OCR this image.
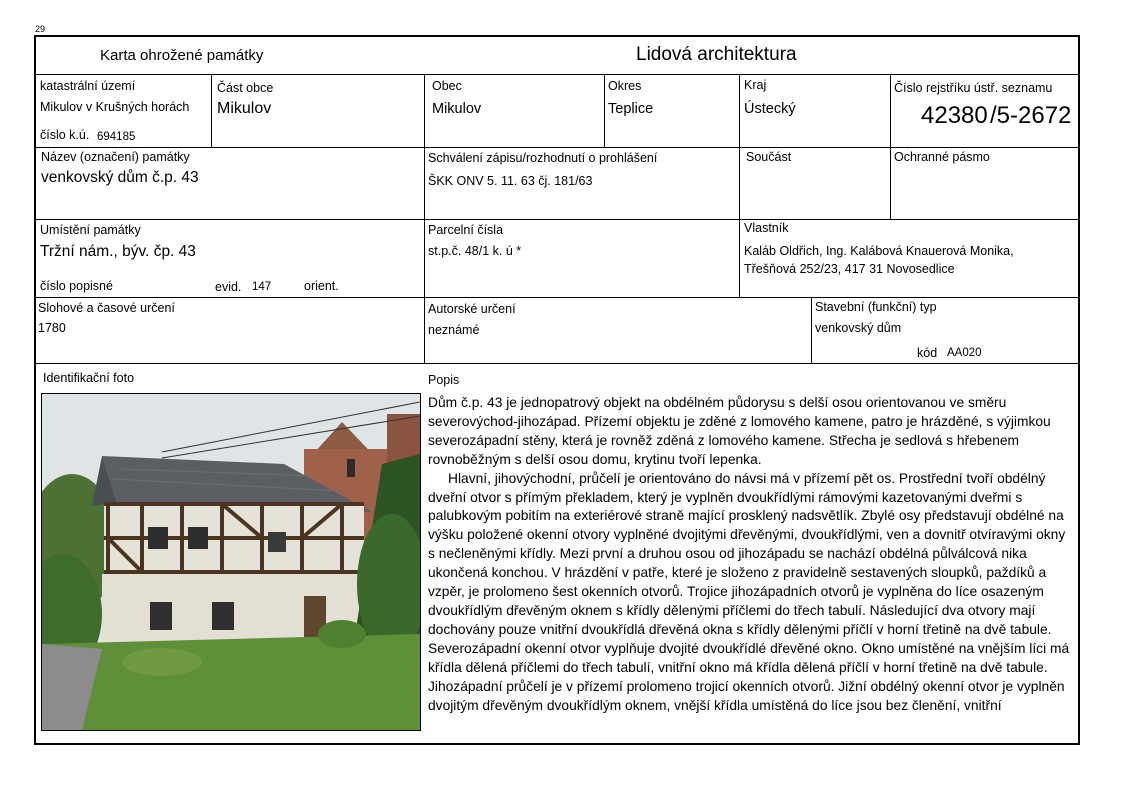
29
Karta ohrožené památky	Lidová architektura
katastrální území
Mikulov v Krušných horách
číslo k.ú. 694185
Část obce
Mikulov
Obec
Mikulov
Okres
Teplice
Kraj
Ústecký
Číslo rejstříku ústř. seznamu
42380 /5-2672
Název (označení) památky
venkovský dům č.p. 43
Schválení zápisu/rozhodnutí o prohlášení
ŠKK ONV 5. 11. 63 čj. 181/63
Součást	Ochranné pásmo
Umístění památky
Tržní nám., býv. čp. 43
číslo popisné	evid. 147	orient.
Parcelní čísla
st.p.č. 48/1 k. ú *
Vlastník
Kaláb Oldřich, Ing. Kalábová Knauerová Monika,
Třešňová 252/23, 417 31 Novosedlice
Slohové a časové určení
1780
Autorské určení
neznámé
Stavební (funkční) typ
venkovský dům
kód AA020
Identifikační foto	Popis

Dům č.p. 43 je jednopatrový objekt na obdélném půdorysu s delší osou orientovanou ve směru severovýchod-jihozápad. Přízemí objektu je zděné z lomového kamene, patro je hrázděné, s výjimkou severozápadní stěny, která je rovněž zděná z lomového kamene. Střecha je sedlová s hřebenem rovnoběžným s delší osou domu, krytinu tvoří lepenka.

Hlavní, jihovýchodní, průčelí je orientováno do návsi má v přízemí pět os. Prostřední tvoří obdélný dveřní otvor s přímým překladem, který je vyplněn dvoukřídlými rámovými kazetovanými dveřmi s palubkovým pobitím na exteriérové straně mající prosklený nadsvětlík. Zbylé osy představují obdélné na výšku položené okenní otvory vyplněné dvojitými dřevěnými, dvoukřídlými, ven a dovnitř otvíravými okny s nečleněnými křídly. Mezi první a druhou osou od jihozápadu se nachází obdélná půlválcová nika ukončená konchou. V hrázdění v patře, které je složeno z pravidelně sestavených sloupků, paždíků a vzpěr, je prolomeno šest okenních otvorů. Trojice jihozápadních otvorů je vyplněna do líce osazeným dvoukřídlým dřevěným oknem s křídly dělenými příčlemi do třech tabulí. Následující dva otvory mají dochovány pouze vnitřní dvoukřídlá dřevěná okna s křídly dělenými příčlí v horní třetině na dvě tabule. Severozápadní okenní otvor vyplňuje dvojité dvoukřídlé dřevěné okno. Okno umístěné na vnějším líci má křídla dělená příčlemi do třech tabulí, vnitřní okno má křídla dělená příčlí v horní třetině na dvě tabule. Jihozápadní průčelí je v přízemí prolomeno trojicí okenních otvorů. Jižní obdélný okenní otvor je vyplněn dvojitým dřevěným dvoukřídlým oknem, vnější křídla umístěná do líce jsou bez členění, vnitřní
